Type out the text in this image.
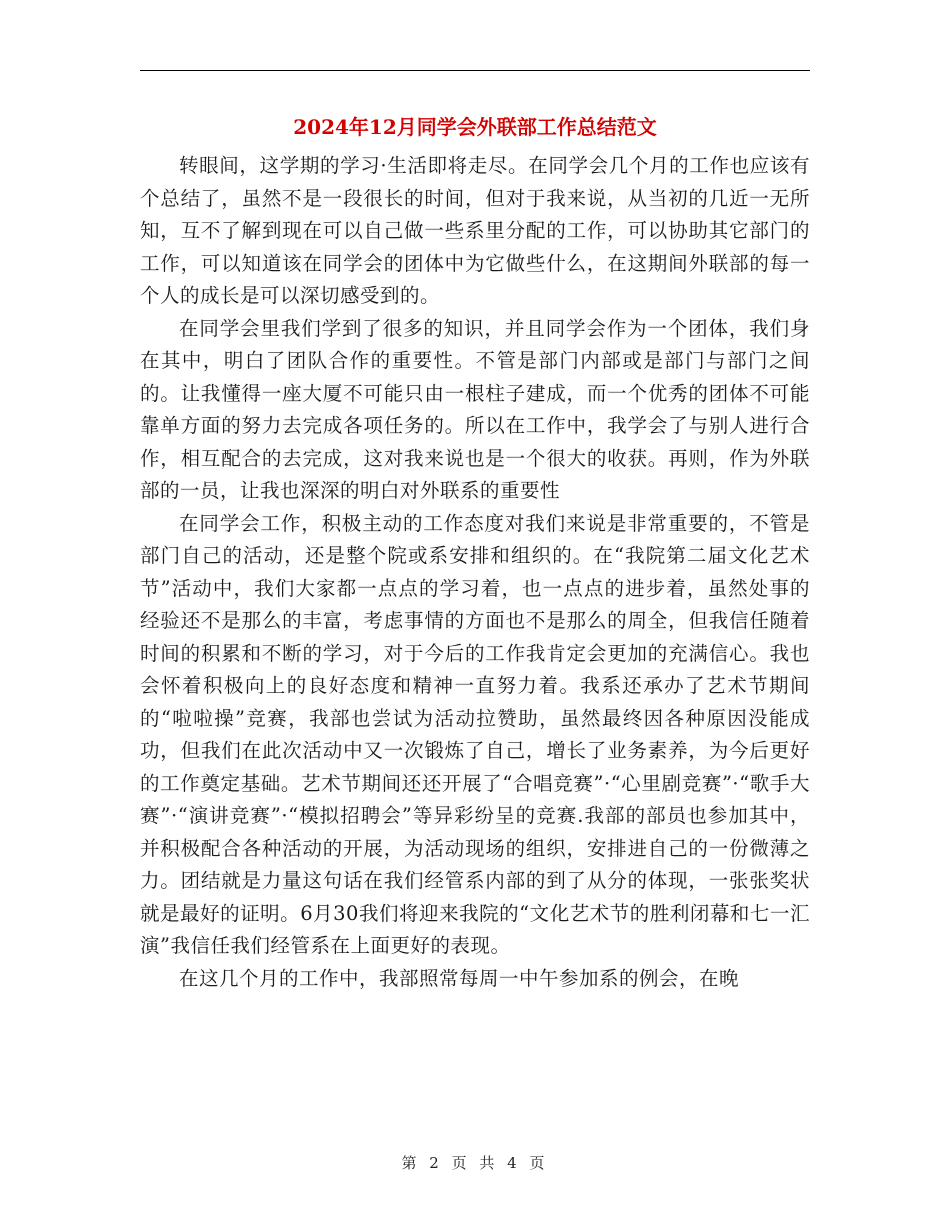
2024年12月同学会外联部工作总结范文

转眼间，这学期的学习·生活即将走尽。在同学会几个月的工作也应该有个总结了，虽然不是一段很长的时间，但对于我来说，从当初的几近一无所知，互不了解到现在可以自己做一些系里分配的工作，可以协助其它部门的工作，可以知道该在同学会的团体中为它做些什么，在这期间外联部的每一个人的成长是可以深切感受到的。

在同学会里我们学到了很多的知识，并且同学会作为一个团体，我们身在其中，明白了团队合作的重要性。不管是部门内部或是部门与部门之间的。让我懂得一座大厦不可能只由一根柱子建成，而一个优秀的团体不可能靠单方面的努力去完成各项任务的。所以在工作中，我学会了与别人进行合作，相互配合的去完成，这对我来说也是一个很大的收获。再则，作为外联部的一员，让我也深深的明白对外联系的重要性

在同学会工作，积极主动的工作态度对我们来说是非常重要的，不管是部门自己的活动，还是整个院或系安排和组织的。在“我院第二届文化艺术节”活动中，我们大家都一点点的学习着，也一点点的进步着，虽然处事的经验还不是那么的丰富，考虑事情的方面也不是那么的周全，但我信任随着时间的积累和不断的学习，对于今后的工作我肯定会更加的充满信心。我也会怀着积极向上的良好态度和精神一直努力着。我系还承办了艺术节期间的“啦啦操”竞赛，我部也尝试为活动拉赞助，虽然最终因各种原因没能成功，但我们在此次活动中又一次锻炼了自己，增长了业务素养，为今后更好的工作奠定基础。艺术节期间还还开展了“合唱竞赛”·“心里剧竞赛”·“歌手大赛”·“演讲竞赛”·“模拟招聘会”等异彩纷呈的竞赛.我部的部员也参加其中，并积极配合各种活动的开展，为活动现场的组织，安排进自己的一份微薄之力。团结就是力量这句话在我们经管系内部的到了从分的体现，一张张奖状就是最好的证明。6月30我们将迎来我院的“文化艺术节的胜利闭幕和七一汇演”我信任我们经管系在上面更好的表现。

在这几个月的工作中，我部照常每周一中午参加系的例会，在晚

第 2 页 共 4 页
